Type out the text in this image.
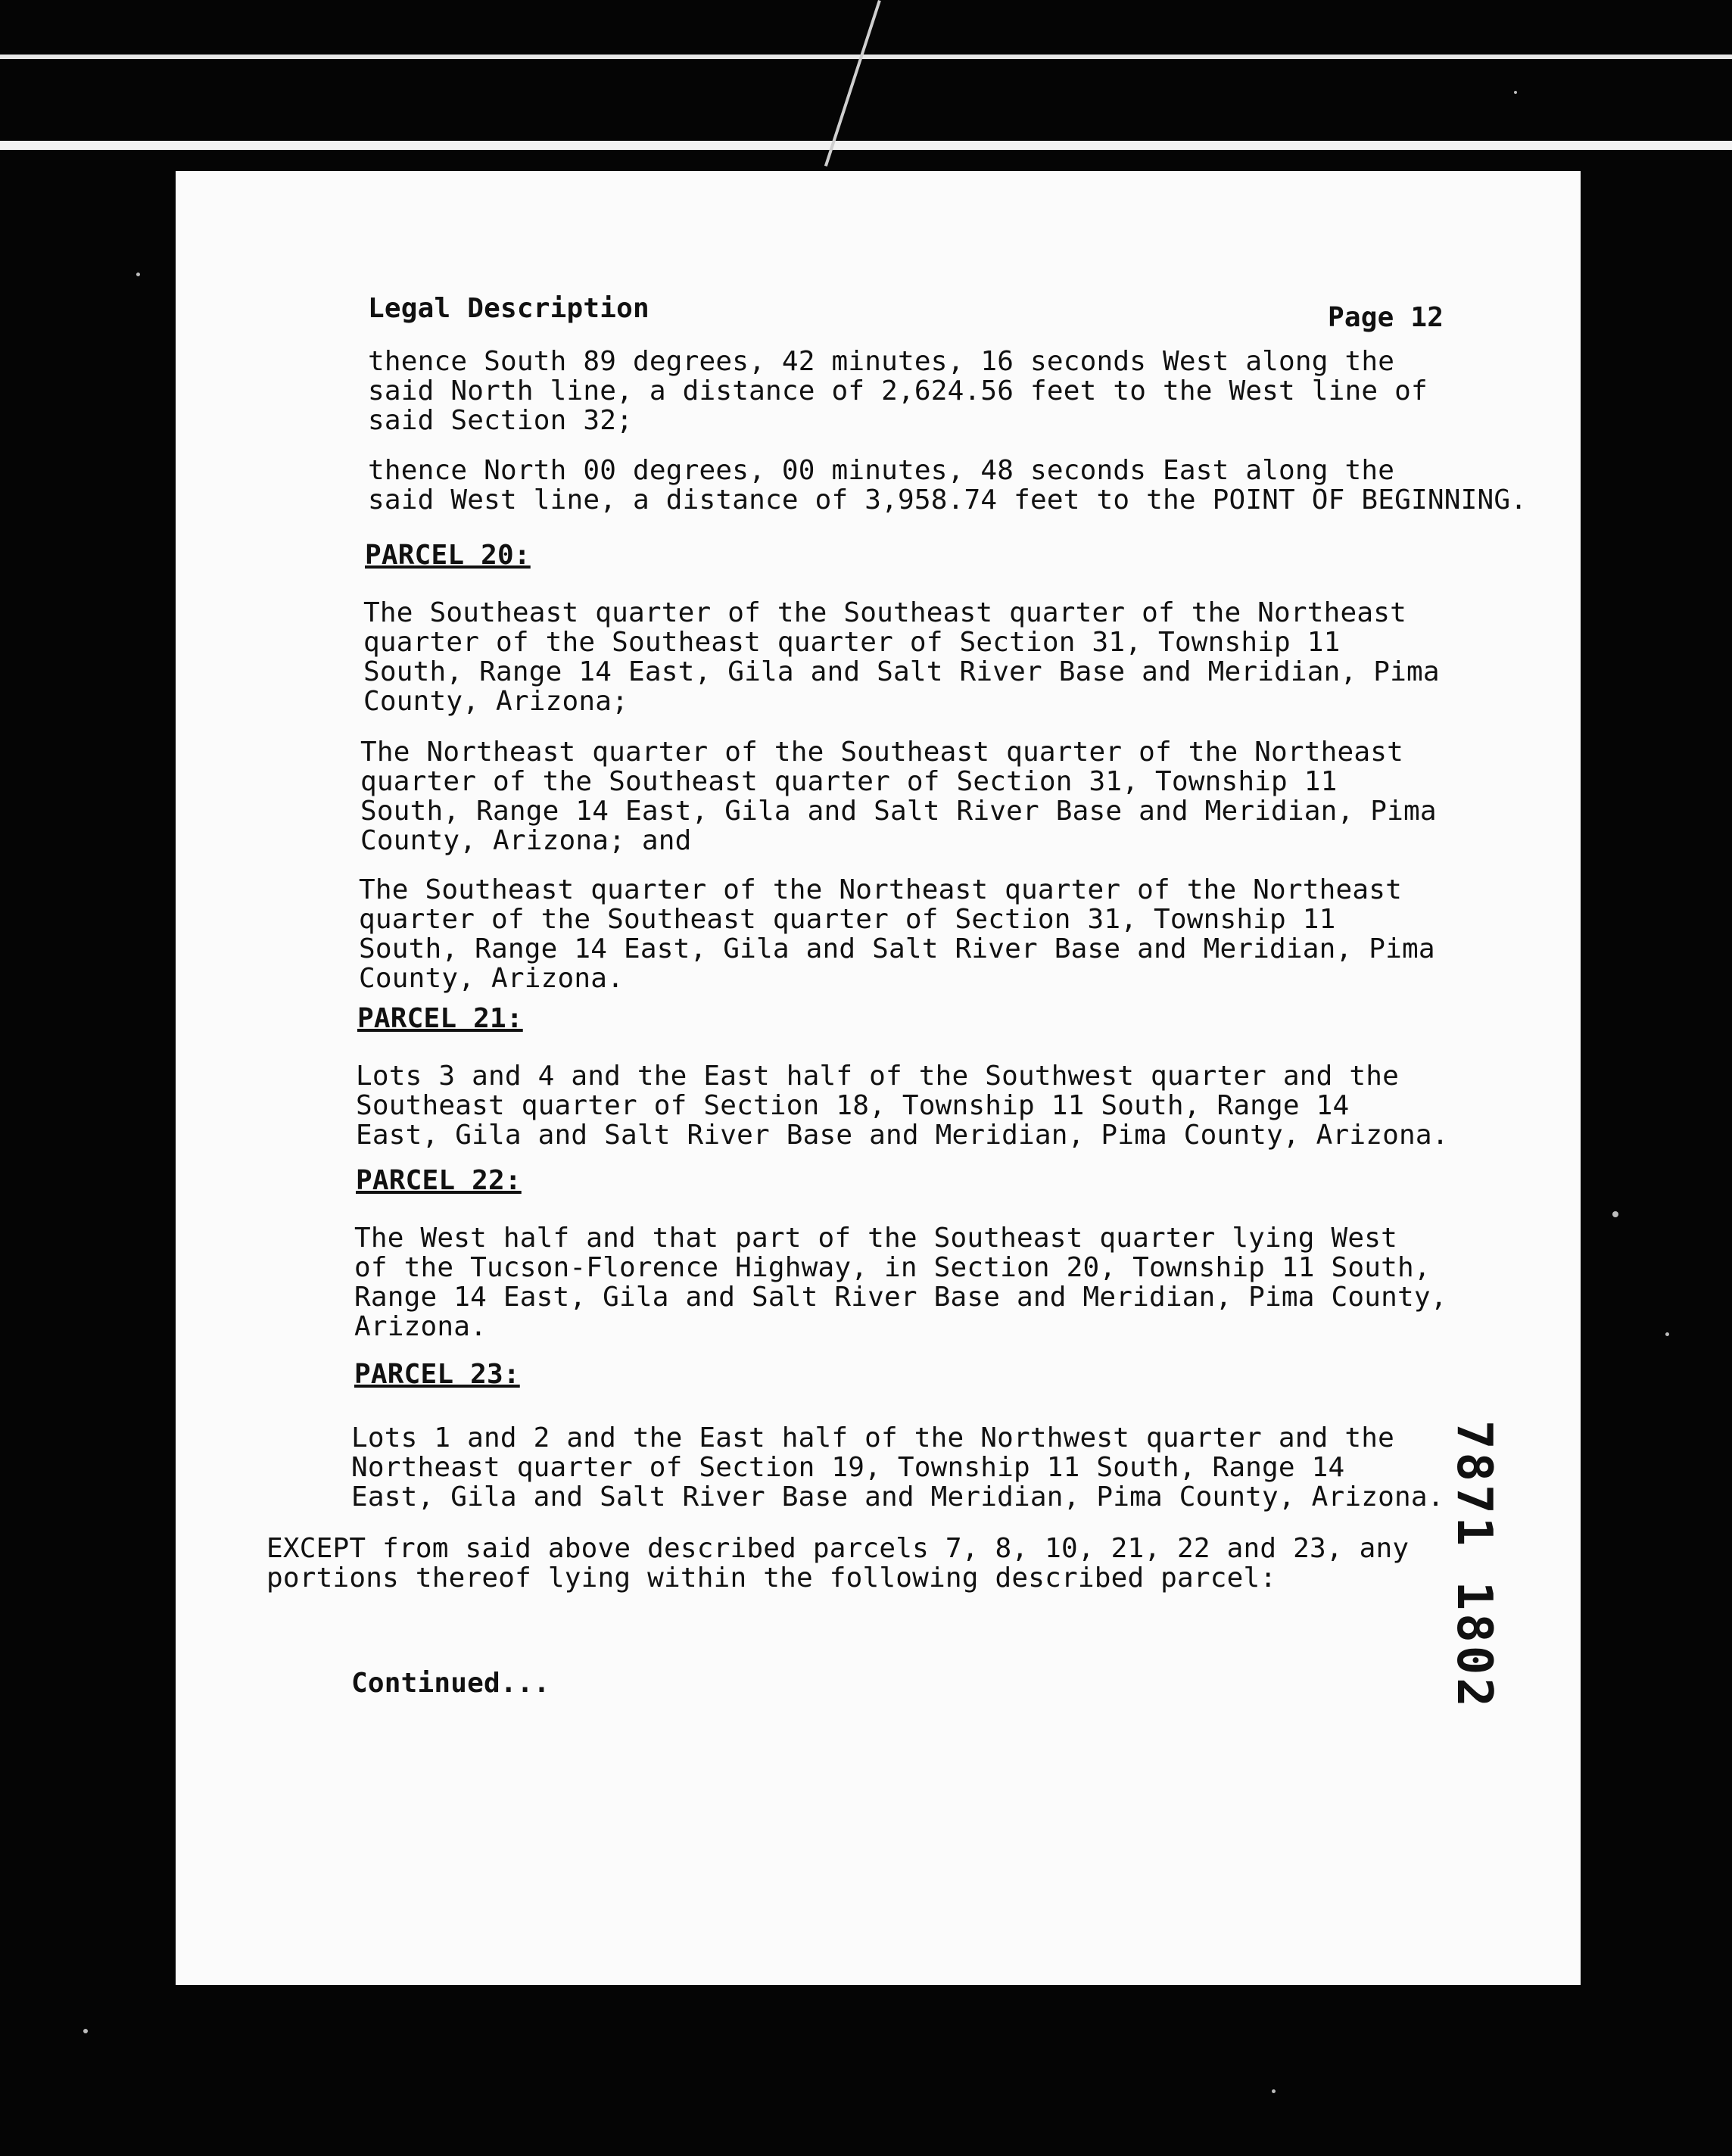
Legal Description	Page 12
thence South 89 degrees, 42 minutes, 16 seconds West along the
said North line, a distance of 2,624.56 feet to the West line of
said Section 32;
thence North 00 degrees, 00 minutes, 48 seconds East along the
said West line, a distance of 3,958.74 feet to the POINT OF BEGINNING.
PARCEL 20:
The Southeast quarter of the Southeast quarter of the Northeast
quarter of the Southeast quarter of Section 31, Township 11
South, Range 14 East, Gila and Salt River Base and Meridian, Pima
County, Arizona;
The Northeast quarter of the Southeast quarter of the Northeast
quarter of the Southeast quarter of Section 31, Township 11
South, Range 14 East, Gila and Salt River Base and Meridian, Pima
County, Arizona; and
The Southeast quarter of the Northeast quarter of the Northeast
quarter of the Southeast quarter of Section 31, Township 11
South, Range 14 East, Gila and Salt River Base and Meridian, Pima
County, Arizona.
PARCEL 21:
Lots 3 and 4 and the East half of the Southwest quarter and the
Southeast quarter of Section 18, Township 11 South, Range 14
East, Gila and Salt River Base and Meridian, Pima County, Arizona.
PARCEL 22:
The West half and that part of the Southeast quarter lying West
of the Tucson-Florence Highway, in Section 20, Township 11 South,
Range 14 East, Gila and Salt River Base and Meridian, Pima County,
Arizona.
PARCEL 23:
Lots 1 and 2 and the East half of the Northwest quarter and the
Northeast quarter of Section 19, Township 11 South, Range 14
East, Gila and Salt River Base and Meridian, Pima County, Arizona.
EXCEPT from said above described parcels 7, 8, 10, 21, 22 and 23, any
portions thereof lying within the following described parcel:
Continued...	7871 1802
